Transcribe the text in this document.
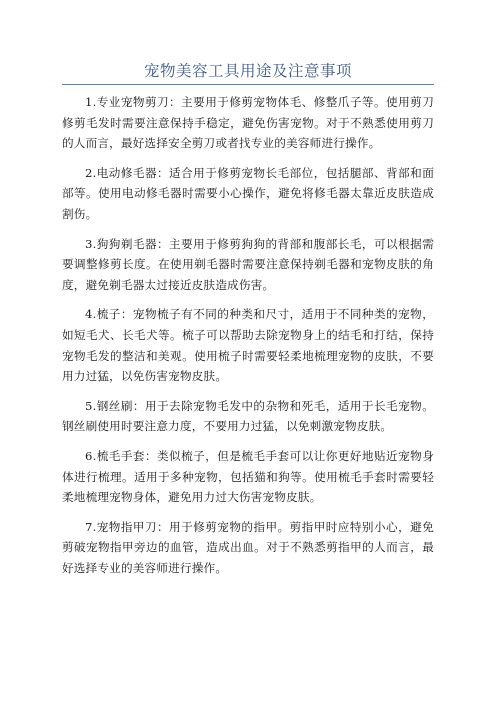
宠物美容工具用途及注意事项

1.专业宠物剪刀：主要用于修剪宠物体毛、修整爪子等。使用剪刀修剪毛发时需要注意保持手稳定，避免伤害宠物。对于不熟悉使用剪刀的人而言，最好选择安全剪刀或者找专业的美容师进行操作。

2.电动修毛器：适合用于修剪宠物长毛部位，包括腿部、背部和面部等。使用电动修毛器时需要小心操作，避免将修毛器太靠近皮肤造成割伤。

3.狗狗剃毛器：主要用于修剪狗狗的背部和腹部长毛，可以根据需要调整修剪长度。在使用剃毛器时需要注意保持剃毛器和宠物皮肤的角度，避免剃毛器太过接近皮肤造成伤害。

4.梳子：宠物梳子有不同的种类和尺寸，适用于不同种类的宠物，如短毛犬、长毛犬等。梳子可以帮助去除宠物身上的结毛和打结，保持宠物毛发的整洁和美观。使用梳子时需要轻柔地梳理宠物的皮肤，不要用力过猛，以免伤害宠物皮肤。

5.钢丝刷：用于去除宠物毛发中的杂物和死毛，适用于长毛宠物。钢丝刷使用时要注意力度，不要用力过猛，以免刺激宠物皮肤。

6.梳毛手套：类似梳子，但是梳毛手套可以让你更好地贴近宠物身体进行梳理。适用于多种宠物，包括猫和狗等。使用梳毛手套时需要轻柔地梳理宠物身体，避免用力过大伤害宠物皮肤。

7.宠物指甲刀：用于修剪宠物的指甲。剪指甲时应特别小心，避免剪破宠物指甲旁边的血管，造成出血。对于不熟悉剪指甲的人而言，最好选择专业的美容师进行操作。
